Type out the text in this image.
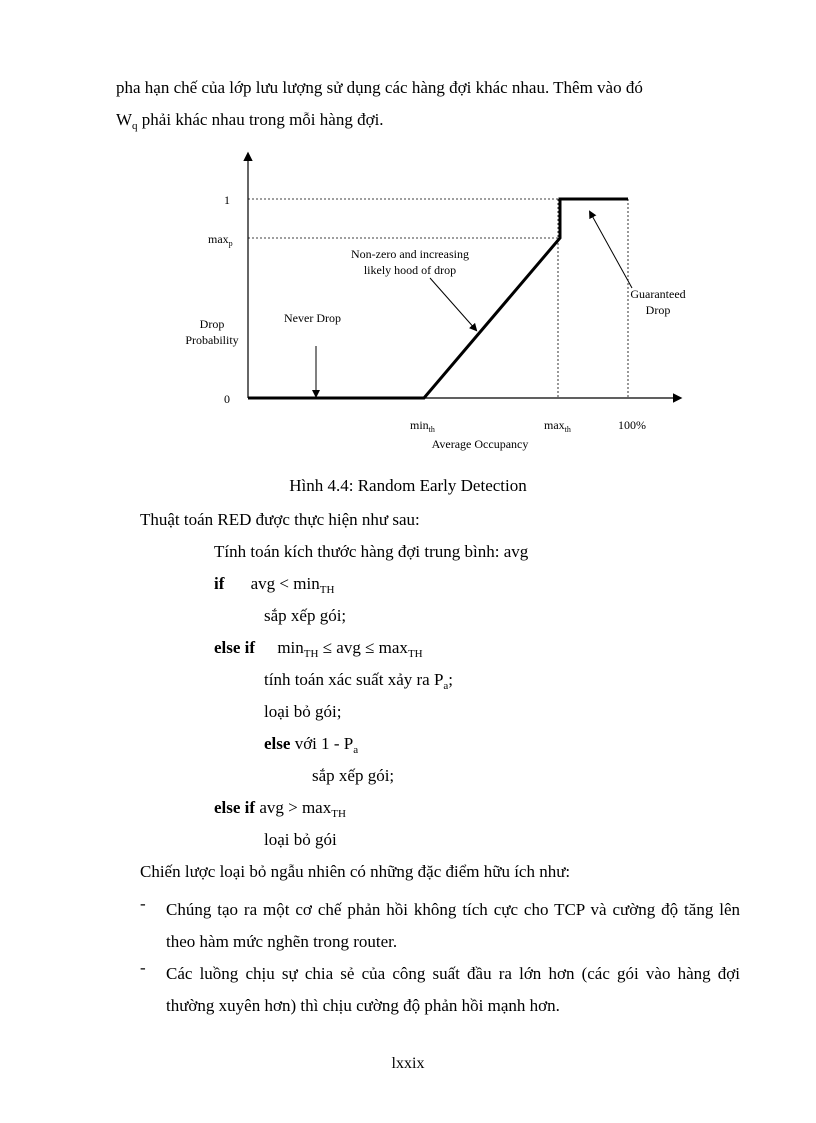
pha hạn chế của lớp lưu lượng sử dụng các hàng đợi khác nhau. Thêm vào đó
$W_q$ phải khác nhau trong mỗi hàng đợi.
1
$\max_p$
0
Drop
Probability
Never Drop
Non-zero and increasing
likely hood of drop
Guaranteed
Drop
$\min_{th}$	$\max_{th}$	100%
Average Occupancy
Hình 4.4: Random Early Detection
Thuật toán RED được thực hiện như sau:
Tính toán kích thước hàng đợi trung bình: avg
if avg < $\min_{TH}$
sắp xếp gói;
else if $\min_{TH}$ ≤ avg ≤ $\max_{TH}$
tính toán xác suất xảy ra $P_a$;
loại bỏ gói;
else với $1 - P_a$
sắp xếp gói;
else if avg > $\max_{TH}$
loại bỏ gói
Chiến lược loại bỏ ngẫu nhiên có những đặc điểm hữu ích như:
- Chúng tạo ra một cơ chế phản hồi không tích cực cho TCP và cường độ tăng lên theo hàm mức nghẽn trong router.
- Các luồng chịu sự chia sẻ của công suất đầu ra lớn hơn (các gói vào hàng đợi thường xuyên hơn) thì chịu cường độ phản hồi mạnh hơn.
lxxix
